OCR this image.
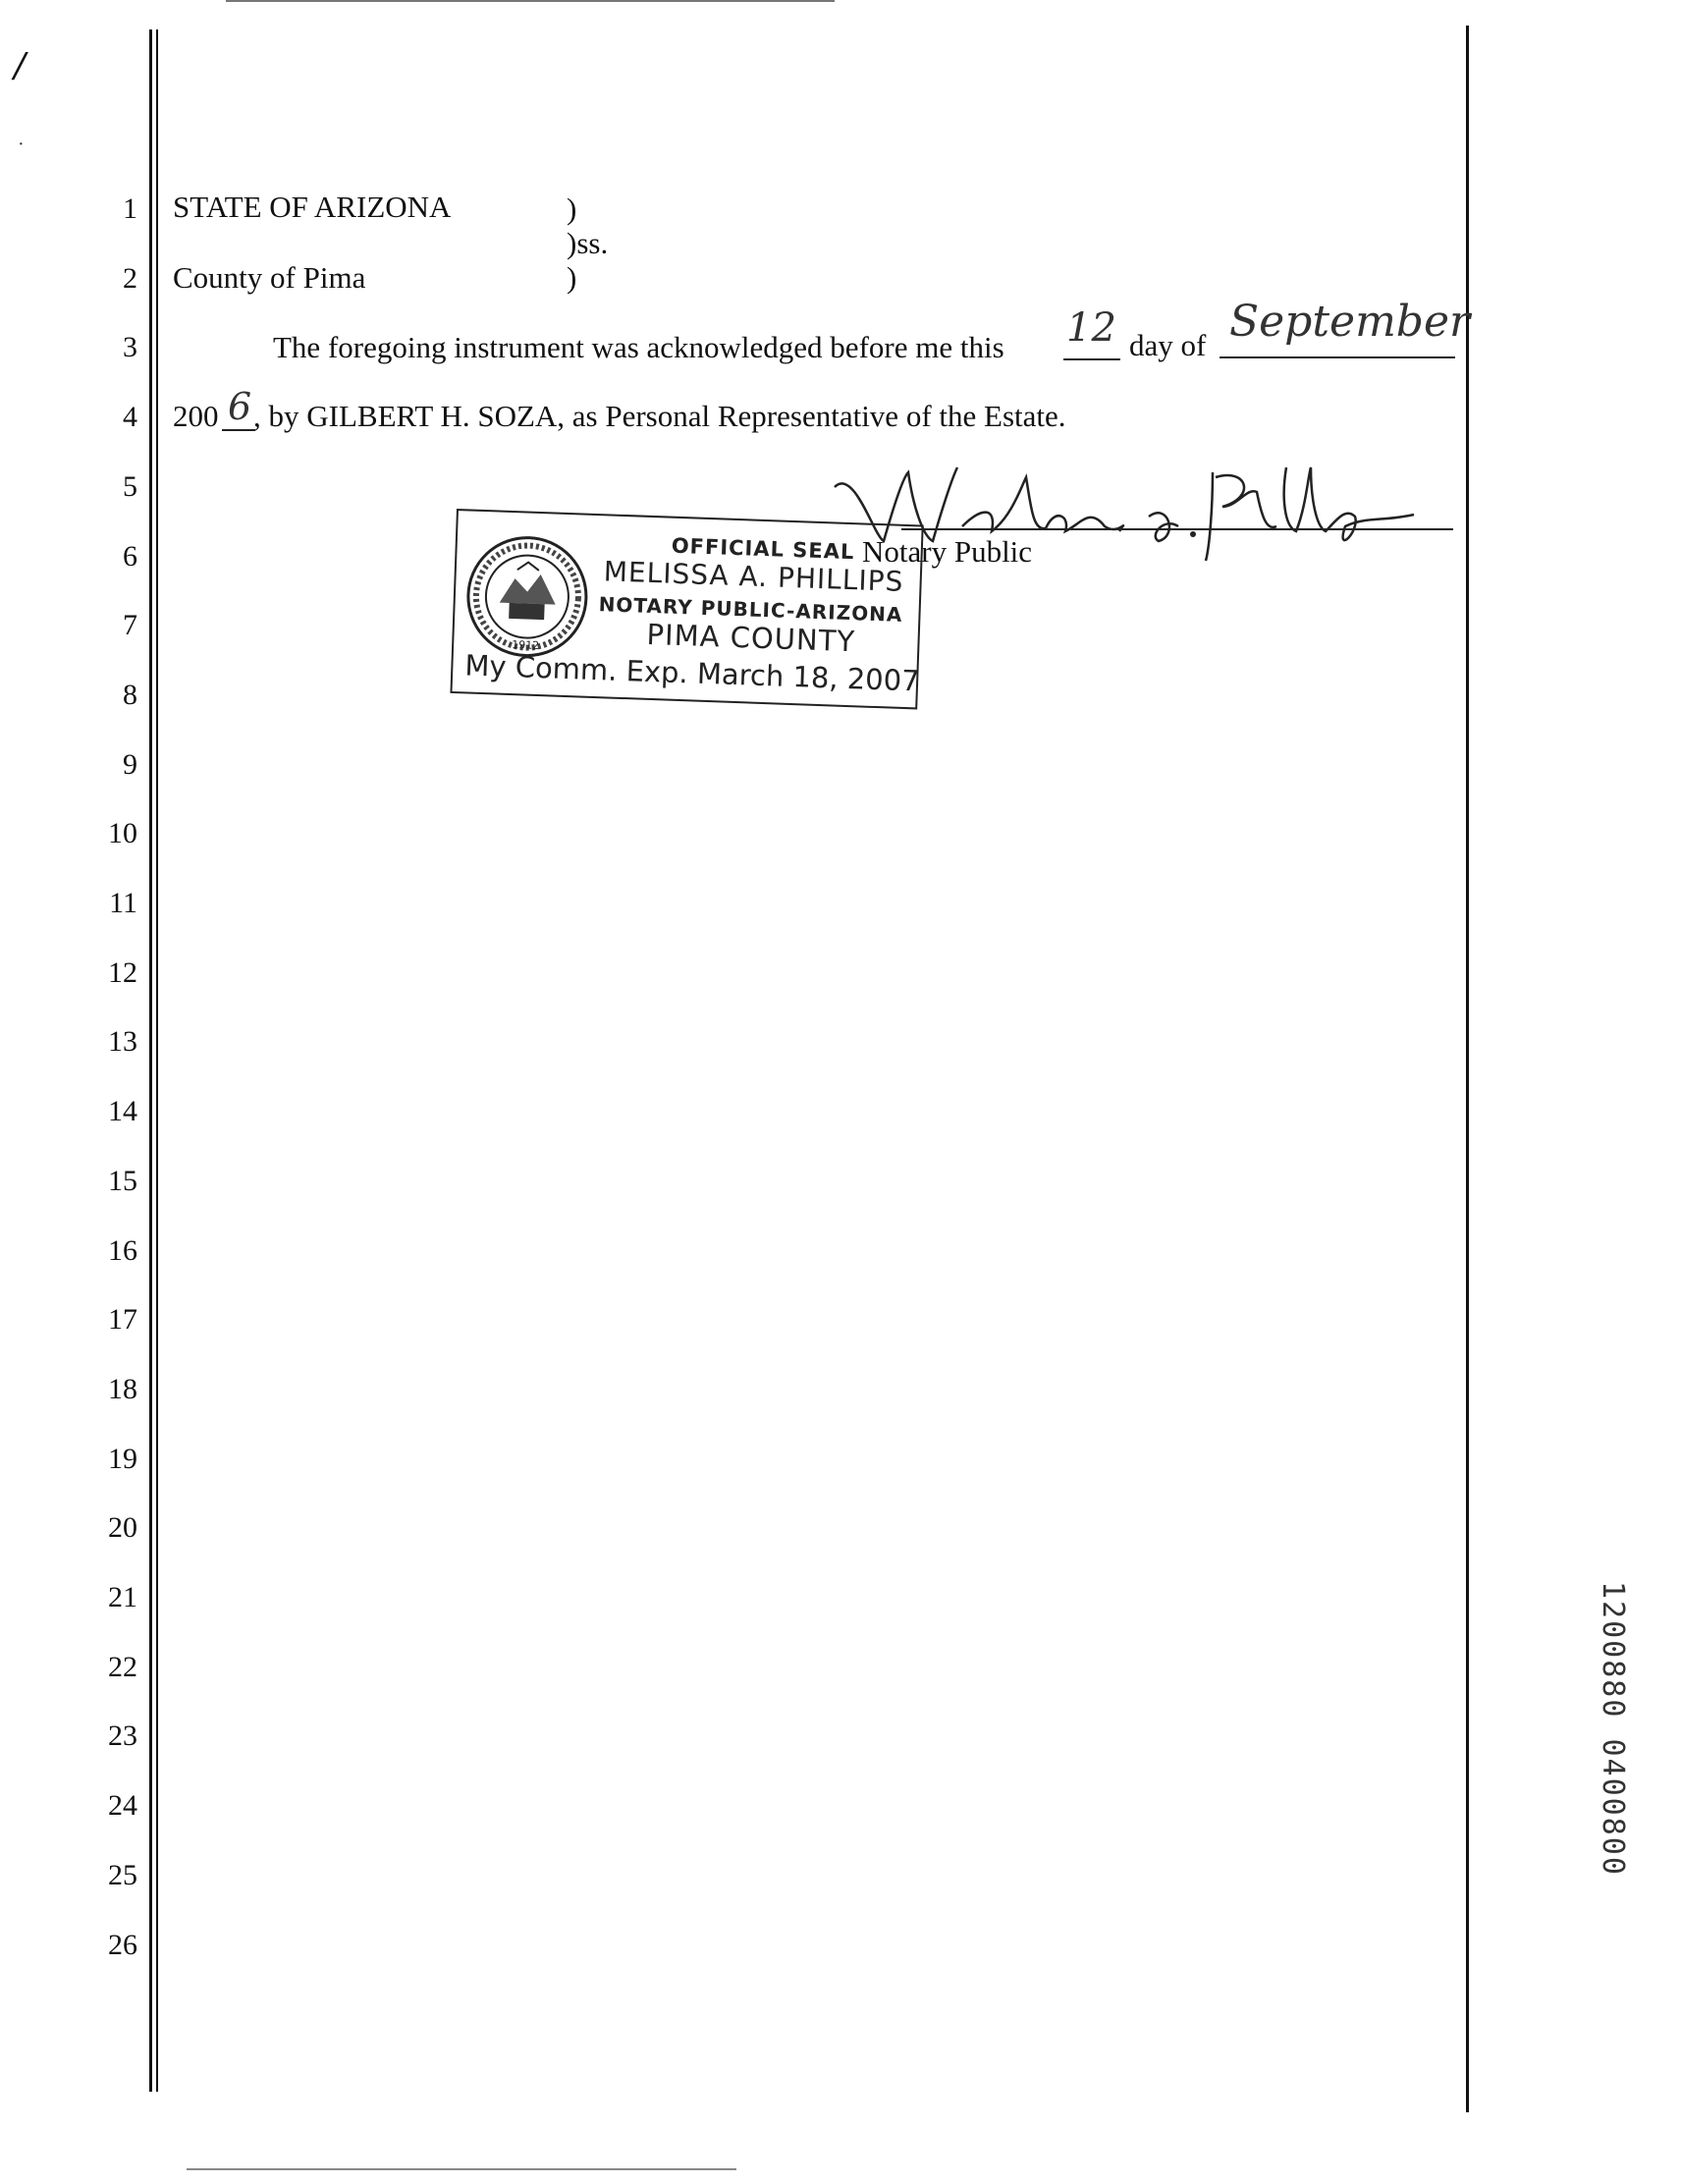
/
·
1
2
3
4
5
6
7
8
9
10
11
12
13
14
15
16
17
18
19
20
21
22
23
24
25
26
STATE OF ARIZONA	)
)ss.
County of Pima	)
The foregoing instrument was acknowledged before me this 12 day of September
200 6 , by GILBERT H. SOZA, as Personal Representative of the Estate.
Melissa A. Phillips
Notary Public
1912
OFFICIAL SEAL
MELISSA A. PHILLIPS
NOTARY PUBLIC-ARIZONA
PIMA COUNTY
My Comm. Exp. March 18, 2007
1200880 0400800
